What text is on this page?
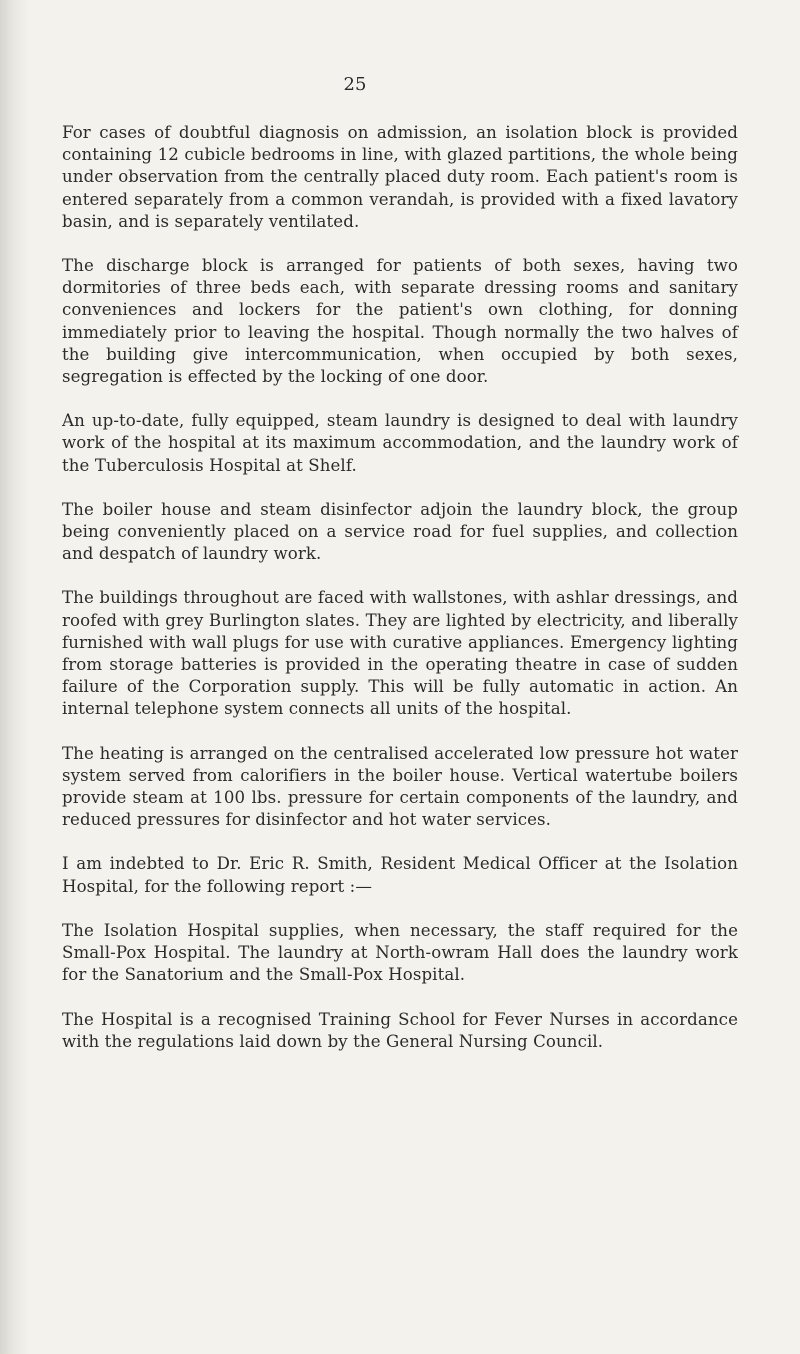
25

For cases of doubtful diagnosis on admission, an isolation block is provided containing 12 cubicle bedrooms in line, with glazed partitions, the whole being under observation from the centrally placed duty room. Each patient's room is entered separately from a common verandah, is provided with a fixed lavatory basin, and is separately ventilated.

The discharge block is arranged for patients of both sexes, having two dormitories of three beds each, with separate dressing rooms and sanitary conveniences and lockers for the patient's own clothing, for donning immediately prior to leaving the hospital. Though normally the two halves of the building give intercommunication, when occupied by both sexes, segregation is effected by the locking of one door.

An up-to-date, fully equipped, steam laundry is designed to deal with laundry work of the hospital at its maximum accommodation, and the laundry work of the Tuberculosis Hospital at Shelf.

The boiler house and steam disinfector adjoin the laundry block, the group being conveniently placed on a service road for fuel supplies, and collection and despatch of laundry work.

The buildings throughout are faced with wallstones, with ashlar dressings, and roofed with grey Burlington slates. They are lighted by electricity, and liberally furnished with wall plugs for use with curative appliances. Emergency lighting from storage batteries is provided in the operating theatre in case of sudden failure of the Corporation supply. This will be fully automatic in action. An internal telephone system connects all units of the hospital.

The heating is arranged on the centralised accelerated low pressure hot water system served from calorifiers in the boiler house. Vertical watertube boilers provide steam at 100 lbs. pressure for certain components of the laundry, and reduced pressures for disinfector and hot water services.

I am indebted to Dr. Eric R. Smith, Resident Medical Officer at the Isolation Hospital, for the following report :—

The Isolation Hospital supplies, when necessary, the staff required for the Small-Pox Hospital. The laundry at North-owram Hall does the laundry work for the Sanatorium and the Small-Pox Hospital.

The Hospital is a recognised Training School for Fever Nurses in accordance with the regulations laid down by the General Nursing Council.
